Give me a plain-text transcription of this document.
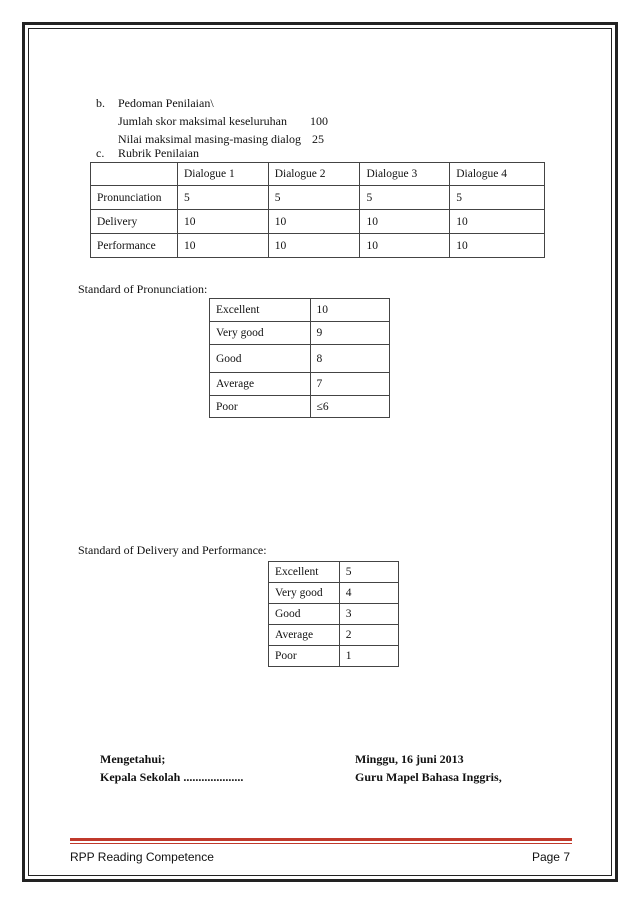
b. Pedoman Penilaian\
Jumlah skor maksimal keseluruhan 100
Nilai maksimal masing-masing dialog 25
c. Rubrik Penilaian
	Dialogue 1	Dialogue 2	Dialogue 3	Dialogue 4
Pronunciation	5	5	5	5
Delivery	10	10	10	10
Performance	10	10	10	10
Standard of Pronunciation:
Excellent	10
Very good	9
Good	8
Average	7
Poor	≤6
Standard of Delivery and Performance:
Excellent	5
Very good	4
Good	3
Average	2
Poor	1
Mengetahui;
Kepala Sekolah ....................
Minggu, 16 juni 2013
Guru Mapel Bahasa Inggris,
RPP Reading Competence	Page 7
